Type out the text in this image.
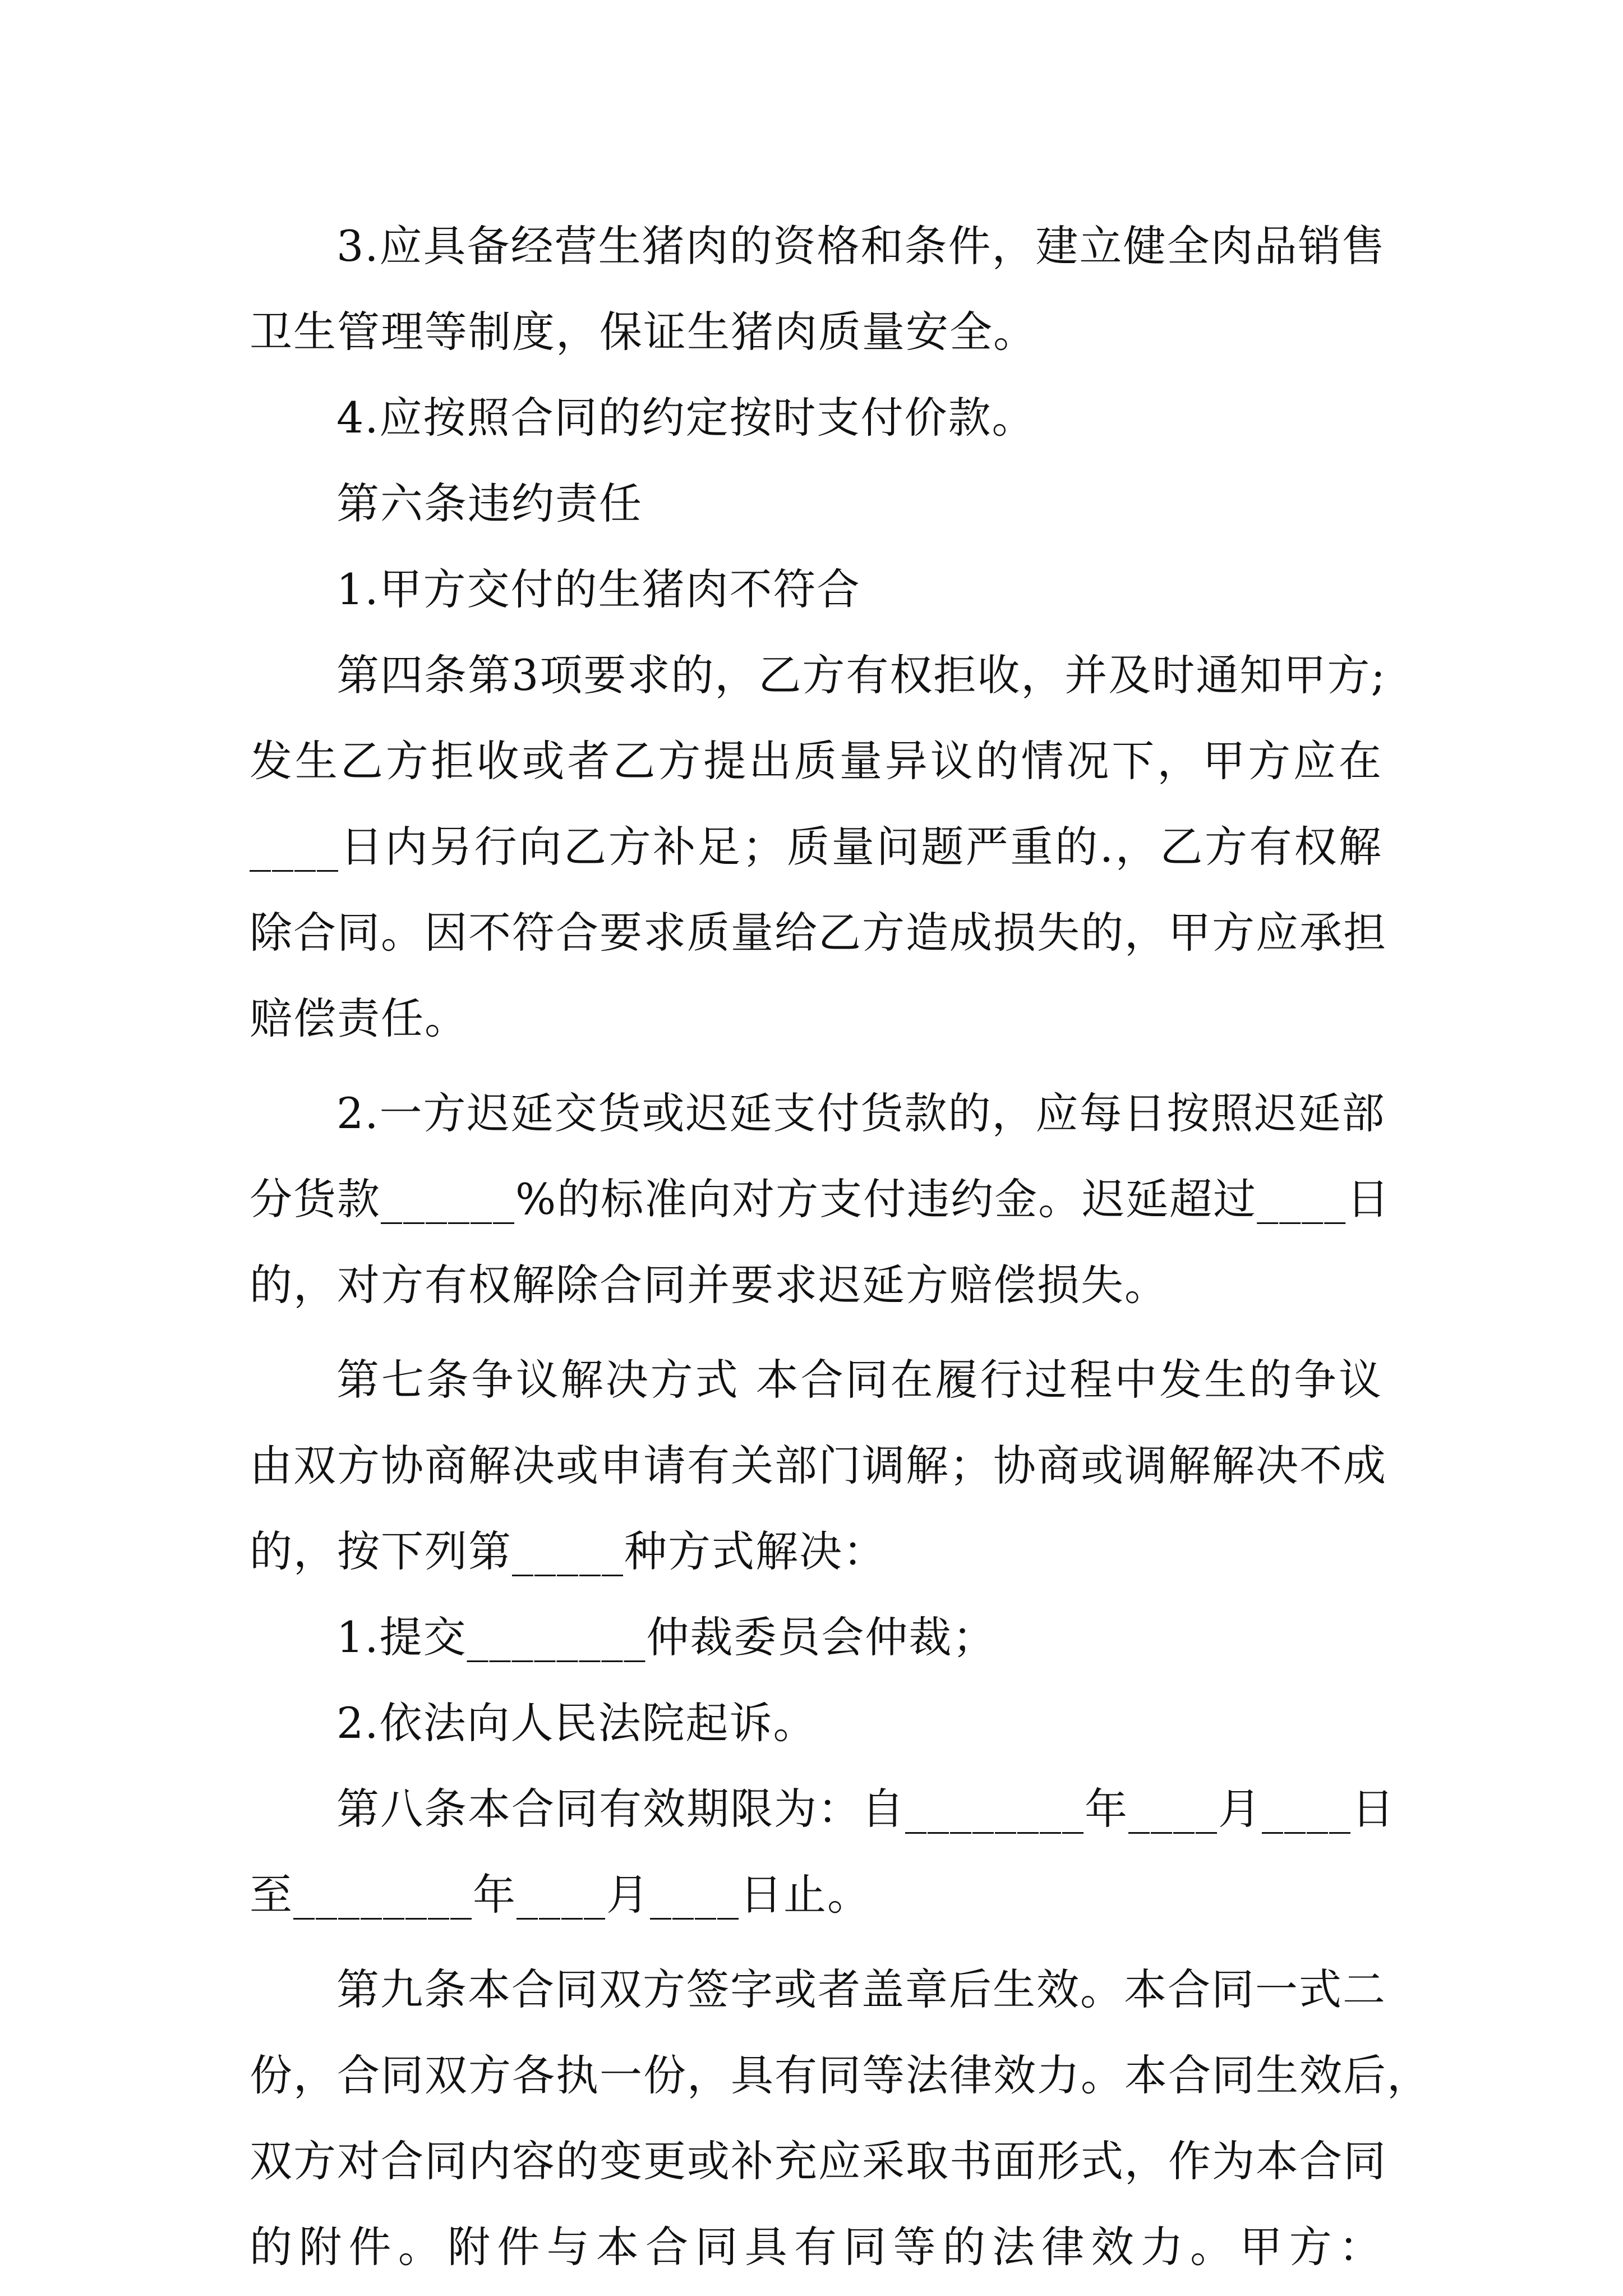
3.应具备经营生猪肉的资格和条件，建立健全肉品销售
卫生管理等制度，保证生猪肉质量安全。
4.应按照合同的约定按时支付价款。
第六条违约责任
1.甲方交付的生猪肉不符合
第四条第3项要求的，乙方有权拒收，并及时通知甲方;
发生乙方拒收或者乙方提出质量异议的情况下，甲方应在
____日内另行向乙方补足；质量问题严重的.，乙方有权解
除合同。因不符合要求质量给乙方造成损失的，甲方应承担
赔偿责任。
2.一方迟延交货或迟延支付货款的，应每日按照迟延部
分货款______%的标准向对方支付违约金。迟延超过____日
的，对方有权解除合同并要求迟延方赔偿损失。
第七条争议解决方式 本合同在履行过程中发生的争议
由双方协商解决或申请有关部门调解；协商或调解解决不成
的，按下列第_____种方式解决：
1.提交________仲裁委员会仲裁；
2.依法向人民法院起诉。
第八条本合同有效期限为：自________年____月____日
至________年____月____日止。
第九条本合同双方签字或者盖章后生效。本合同一式二
份，合同双方各执一份，具有同等法律效力。本合同生效后，
双方对合同内容的变更或补充应采取书面形式，作为本合同
的附件。附件与本合同具有同等的法律效力。甲方：
